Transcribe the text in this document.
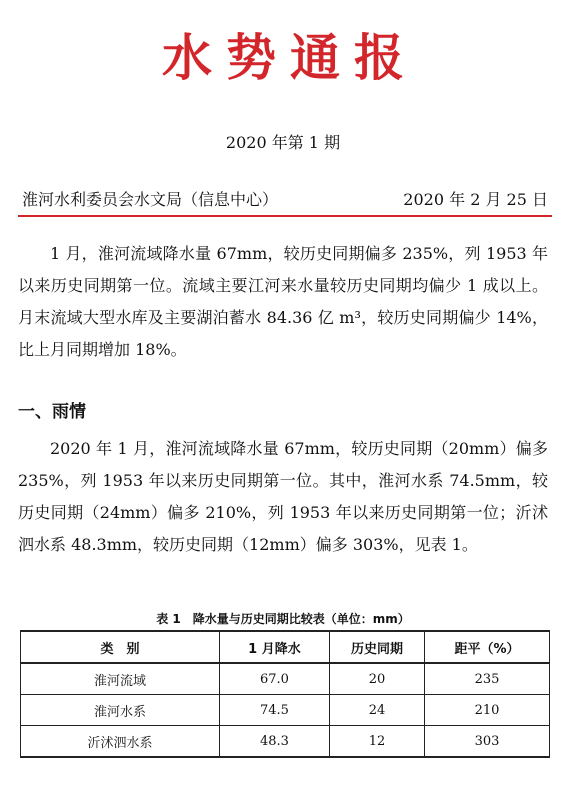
水势通报
2020 年第 1 期
淮河水利委员会水文局（信息中心）	2020 年 2 月 25 日
1 月，淮河流域降水量 67mm，较历史同期偏多 235%，列 1953 年以来历史同期第一位。流域主要江河来水量较历史同期均偏少 1 成以上。月末流域大型水库及主要湖泊蓄水 84.36 亿 m³，较历史同期偏少 14%，比上月同期增加 18%。
一、雨情
2020 年 1 月，淮河流域降水量 67mm，较历史同期（20mm）偏多 235%，列 1953 年以来历史同期第一位。其中，淮河水系 74.5mm，较历史同期（24mm）偏多 210%，列 1953 年以来历史同期第一位；沂沭泗水系 48.3mm，较历史同期（12mm）偏多 303%，见表 1。
表 1　降水量与历史同期比较表（单位：mm）
类　别	1 月降水	历史同期	距平（%）
淮河流域	67.0	20	235
淮河水系	74.5	24	210
沂沭泗水系	48.3	12	303
